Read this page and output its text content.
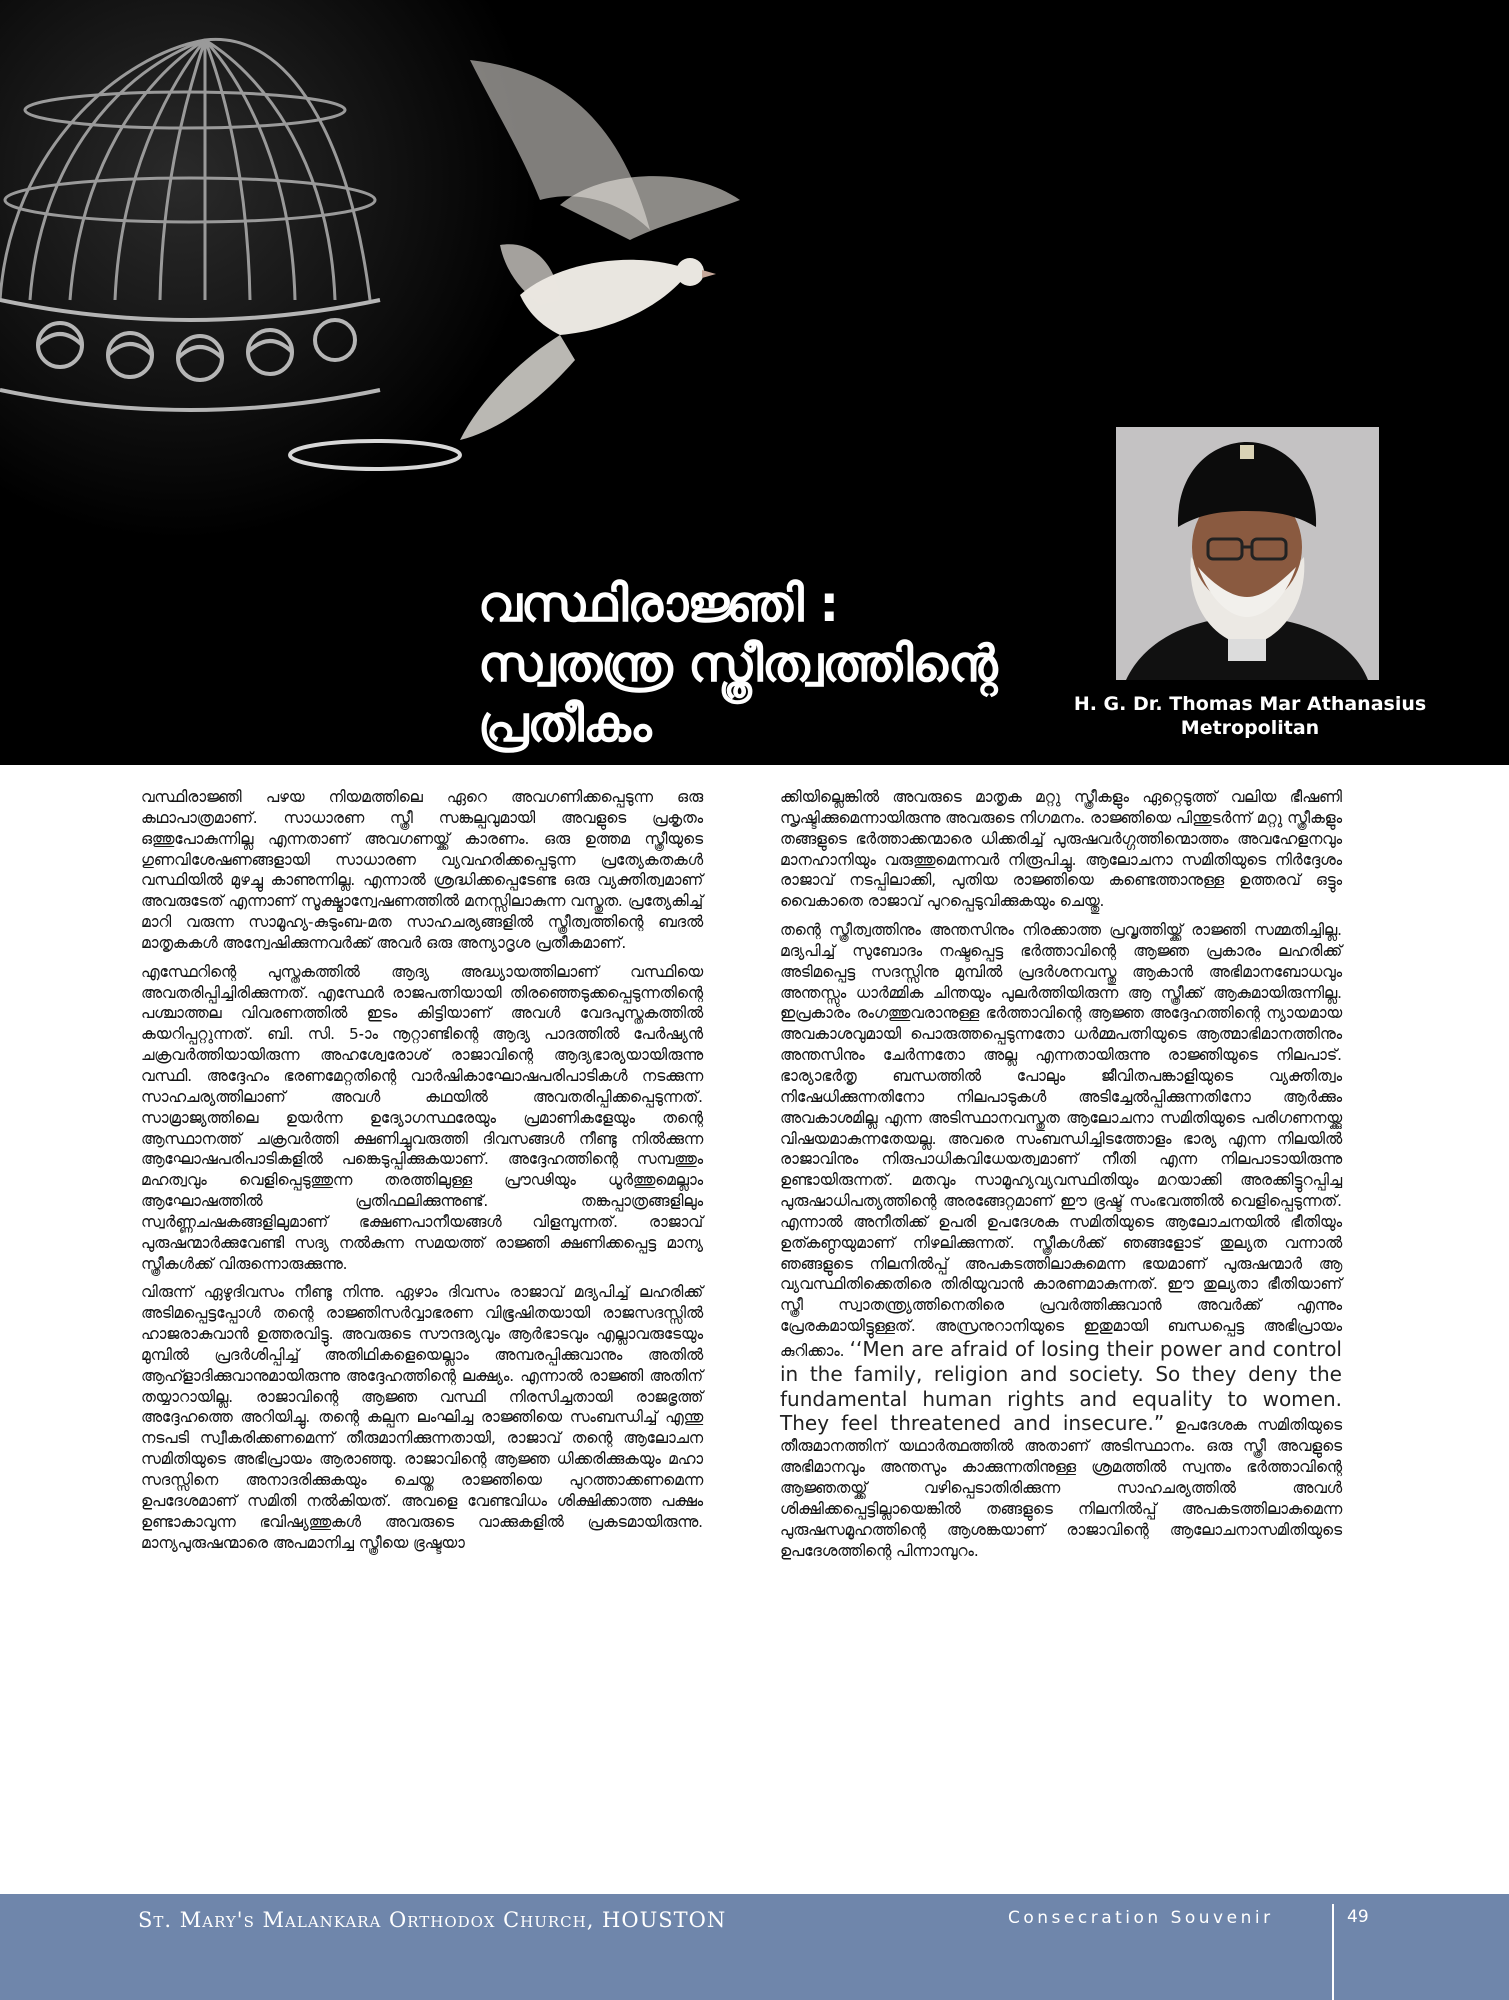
വസ്ഥിരാജ്ഞി :
സ്വതന്ത്ര സ്ത്രീത്വത്തിന്റെ
പ്രതീകം	H. G. Dr. Thomas Mar Athanasius
Metropolitan

വസ്ഥിരാജ്ഞി പഴയ നിയമത്തിലെ ഏറെ അവഗണിക്കപ്പെടുന്ന ഒരു കഥാപാത്രമാണ്. സാധാരണ സ്ത്രീ സങ്കല്പവുമായി അവളുടെ പ്രകൃതം ഒത്തുപോകുന്നില്ല എന്നതാണ് അവഗണയ്ക്ക് കാരണം. ഒരു ഉത്തമ സ്ത്രീയുടെ ഗുണവിശേഷണങ്ങളായി സാധാരണ വ്യവഹരിക്കപ്പെടുന്ന പ്രത്യേകതകൾ വസ്ഥിയിൽ മുഴച്ചു കാണുന്നില്ല. എന്നാൽ ശ്രദ്ധിക്കപ്പെടേണ്ട ഒരു വ്യക്തിത്വമാണ് അവരുടേത് എന്നാണ് സൂക്ഷ്മാന്വേഷണത്തിൽ മനസ്സിലാകുന്ന വസ്തുത. പ്രത്യേകിച്ച് മാറി വരുന്ന സാമൂഹ്യ-കുടുംബ-മത സാഹചര്യങ്ങളിൽ സ്ത്രീത്വത്തിന്റെ ബദൽ മാതൃകകൾ അന്വേഷിക്കുന്നവർക്ക് അവർ ഒരു അന്യാദൃശ പ്രതീകമാണ്.

എസ്ഥേറിന്റെ പുസ്തകത്തിൽ ആദ്യ അദ്ധ്യായത്തിലാണ് വസ്ഥിയെ അവതരിപ്പിച്ചിരിക്കുന്നത്. എസ്ഥേർ രാജപത്നിയായി തിരഞ്ഞെടുക്കപ്പെടുന്നതിന്റെ പശ്ചാത്തല വിവരണത്തിൽ ഇടം കിട്ടിയാണ് അവൾ വേദപുസ്തകത്തിൽ കയറിപ്പറ്റുന്നത്. ബി. സി. 5-ാം നൂറ്റാണ്ടിന്റെ ആദ്യ പാദത്തിൽ പേർഷ്യൻ ചക്രവർത്തിയായിരുന്ന അഹശ്വേരോശ് രാജാവിന്റെ ആദ്യഭാര്യയായിരുന്നു വസ്ഥി. അദ്ദേഹം ഭരണമേറ്റതിന്റെ വാർഷികാഘോഷപരിപാടികൾ നടക്കുന്ന സാഹചര്യത്തിലാണ് അവൾ കഥയിൽ അവതരിപ്പിക്കപ്പെടുന്നത്. സാമ്രാജ്യത്തിലെ ഉയർന്ന ഉദ്യോഗസ്ഥരേയും പ്രമാണികളേയും തന്റെ ആസ്ഥാനത്ത് ചക്രവർത്തി ക്ഷണിച്ചുവരുത്തി ദിവസങ്ങൾ നീണ്ടു നിൽക്കുന്ന ആഘോഷപരിപാടികളിൽ പങ്കെടുപ്പിക്കുകയാണ്. അദ്ദേഹത്തിന്റെ സമ്പത്തും മഹത്വവും വെളിപ്പെടുത്തുന്ന തരത്തിലുള്ള പ്രൗഢിയും ധൂർത്തുമെല്ലാം ആഘോഷത്തിൽ പ്രതിഫലിക്കുന്നുണ്ട്. തങ്കപ്പാത്രങ്ങളിലും സ്വർണ്ണചഷകങ്ങളിലുമാണ് ഭക്ഷണപാനീയങ്ങൾ വിളമ്പുന്നത്. രാജാവ് പുരുഷന്മാർക്കുവേണ്ടി സദ്യ നൽകുന്ന സമയത്ത് രാജ്ഞി ക്ഷണിക്കപ്പെട്ട മാന്യ സ്ത്രീകൾക്ക് വിരുന്നൊരുക്കുന്നു.

വിരുന്ന് ഏഴുദിവസം നീണ്ടു നിന്നു. ഏഴാം ദിവസം രാജാവ് മദ്യപിച്ച് ലഹരിക്ക് അടിമപ്പെട്ടപ്പോൾ തന്റെ രാജ്ഞിസർവ്വാഭരണ വിഭൂഷിതയായി രാജസദസ്സിൽ ഹാജരാകുവാൻ ഉത്തരവിട്ടു. അവരുടെ സൗന്ദര്യവും ആർഭാടവും എല്ലാവരുടേയും മുമ്പിൽ പ്രദർശിപ്പിച്ച് അതിഥികളെയെല്ലാം അമ്പരപ്പിക്കുവാനും അതിൽ ആഹ്ളാദിക്കുവാനുമായിരുന്നു അദ്ദേഹത്തിന്റെ ലക്ഷ്യം. എന്നാൽ രാജ്ഞി അതിന് തയ്യാറായില്ല. രാജാവിന്റെ ആജ്ഞ വസ്ഥി നിരസിച്ചതായി രാജഭൃത്ത് അദ്ദേഹത്തെ അറിയിച്ചു. തന്റെ കല്പന ലംഘിച്ച രാജ്ഞിയെ സംബന്ധിച്ച് എന്തു നടപടി സ്വീകരിക്കണമെന്ന് തീരുമാനിക്കുന്നതായി, രാജാവ് തന്റെ ആലോചന സമിതിയുടെ അഭിപ്രായം ആരാഞ്ഞു. രാജാവിന്റെ ആജ്ഞ ധിക്കരിക്കുകയും മഹാ സദസ്സിനെ അനാദരിക്കുകയും ചെയ്ത രാജ്ഞിയെ പുറത്താക്കണമെന്ന ഉപദേശമാണ് സമിതി നൽകിയത്. അവളെ വേണ്ടവിധം ശിക്ഷിക്കാത്ത പക്ഷം ഉണ്ടാകാവുന്ന ഭവിഷ്യത്തുകൾ അവരുടെ വാക്കുകളിൽ പ്രകടമായിരുന്നു. മാന്യപുരുഷന്മാരെ അപമാനിച്ച സ്ത്രീയെ ഭ്രഷ്ടയാ

ക്കിയില്ലെങ്കിൽ അവരുടെ മാതൃക മറ്റു സ്ത്രീകളും ഏറ്റെടുത്ത് വലിയ ഭീഷണി സൃഷ്ടിക്കുമെന്നായിരുന്നു അവരുടെ നിഗമനം. രാജ്ഞിയെ പിന്തുടർന്ന് മറ്റു സ്ത്രീകളും തങ്ങളുടെ ഭർത്താക്കന്മാരെ ധിക്കരിച്ച് പുരുഷവർഗ്ഗത്തിന്മൊത്തം അവഹേളനവും മാനഹാനിയും വരുത്തുമെന്നവർ നിരൂപിച്ചു. ആലോചനാ സമിതിയുടെ നിർദ്ദേശം രാജാവ് നടപ്പിലാക്കി, പുതിയ രാജ്ഞിയെ കണ്ടെത്താനുള്ള ഉത്തരവ് ഒട്ടും വൈകാതെ രാജാവ് പുറപ്പെടുവിക്കുകയും ചെയ്തു.

തന്റെ സ്ത്രീത്വത്തിനും അന്തസിനും നിരക്കാത്ത പ്രവൃത്തിയ്ക്ക് രാജ്ഞി സമ്മതിച്ചില്ല. മദ്യപിച്ച് സുബോദം നഷ്ടപ്പെട്ട ഭർത്താവിന്റെ ആജ്ഞ പ്രകാരം ലഹരിക്ക് അടിമപ്പെട്ട സദസ്സിനു മുമ്പിൽ പ്രദർശനവസ്തു ആകാൻ അഭിമാനബോധവും അന്തസ്സും ധാർമ്മിക ചിന്തയും പുലർത്തിയിരുന്ന ആ സ്ത്രീക്ക് ആകുമായിരുന്നില്ല. ഇപ്രകാരം രംഗത്തുവരാനുള്ള ഭർത്താവിന്റെ ആജ്ഞ അദ്ദേഹത്തിന്റെ ന്യായമായ അവകാശവുമായി പൊരുത്തപ്പെടുന്നതോ ധർമ്മപത്നിയുടെ ആത്മാഭിമാനത്തിനും അന്തസിനും ചേർന്നതോ അല്ല എന്നതായിരുന്നു രാജ്ഞിയുടെ നിലപാട്. ഭാര്യാഭർതൃ ബന്ധത്തിൽ പോലും ജീവിതപങ്കാളിയുടെ വ്യക്തിത്വം നിഷേധിക്കുന്നതിനോ നിലപാടുകൾ അടിച്ചേൽപ്പിക്കുന്നതിനോ ആർക്കും അവകാശമില്ല എന്ന അടിസ്ഥാനവസ്തുത ആലോചനാ സമിതിയുടെ പരിഗണനയ്ക്കു വിഷയമാകുന്നതേയല്ല. അവരെ സംബന്ധിച്ചിടത്തോളം ഭാര്യ എന്ന നിലയിൽ രാജാവിനും നിരുപാധികവിധേയത്വമാണ് നീതി എന്ന നിലപാടായിരുന്നു ഉണ്ടായിരുന്നത്. മതവും സാമൂഹ്യവ്യവസ്ഥിതിയും മറയാക്കി അരക്കിട്ടുറപ്പിച്ച പുരുഷാധിപത്യത്തിന്റെ അരങ്ങേറ്റമാണ് ഈ ഭ്രഷ്ട് സംഭവത്തിൽ വെളിപ്പെടുന്നത്. എന്നാൽ അനീതിക്ക് ഉപരി ഉപദേശക സമിതിയുടെ ആലോചനയിൽ ഭീതിയും ഉത്കണ്ഠയുമാണ് നിഴലിക്കുന്നത്. സ്ത്രീകൾക്ക് ഞങ്ങളോട് തുല്യത വന്നാൽ ഞങ്ങളുടെ നിലനിൽപ്പ് അപകടത്തിലാകുമെന്ന ഭയമാണ് പുരുഷന്മാർ ആ വ്യവസ്ഥിതിക്കെതിരെ തിരിയുവാൻ കാരണമാകുന്നത്. ഈ തുല്യതാ ഭീതിയാണ് സ്ത്രീ സ്വാതന്ത്ര്യത്തിനെതിരെ പ്രവർത്തിക്കുവാൻ അവർക്ക് എന്നും പ്രേരകമായിട്ടുള്ളത്. അസ്രനുറാനിയുടെ ഇതുമായി ബന്ധപ്പെട്ട അഭിപ്രായം കുറിക്കാം. ‘‘Men are afraid of losing their power and control in the family, religion and society. So they deny the fundamental human rights and equality to women. They feel threatened and insecure.” ഉപദേശക സമിതിയുടെ തീരുമാനത്തിന് യഥാർത്ഥത്തിൽ അതാണ് അടിസ്ഥാനം. ഒരു സ്ത്രീ അവളുടെ അഭിമാനവും അന്തസും കാക്കുന്നതിനുള്ള ശ്രമത്തിൽ സ്വന്തം ഭർത്താവിന്റെ ആജ്ഞതയ്ക്ക് വഴിപ്പെടാതിരിക്കുന്ന സാഹചര്യത്തിൽ അവൾ ശിക്ഷിക്കപ്പെട്ടില്ലായെങ്കിൽ തങ്ങളുടെ നിലനിൽപ്പ് അപകടത്തിലാകുമെന്ന പുരുഷസമൂഹത്തിന്റെ ആശങ്കയാണ് രാജാവിന്റെ ആലോചനാസമിതിയുടെ ഉപദേശത്തിന്റെ പിന്നാമ്പുറം.

St. Mary's Malankara Orthodox Church, HOUSTON	Consecration Souvenir	49
